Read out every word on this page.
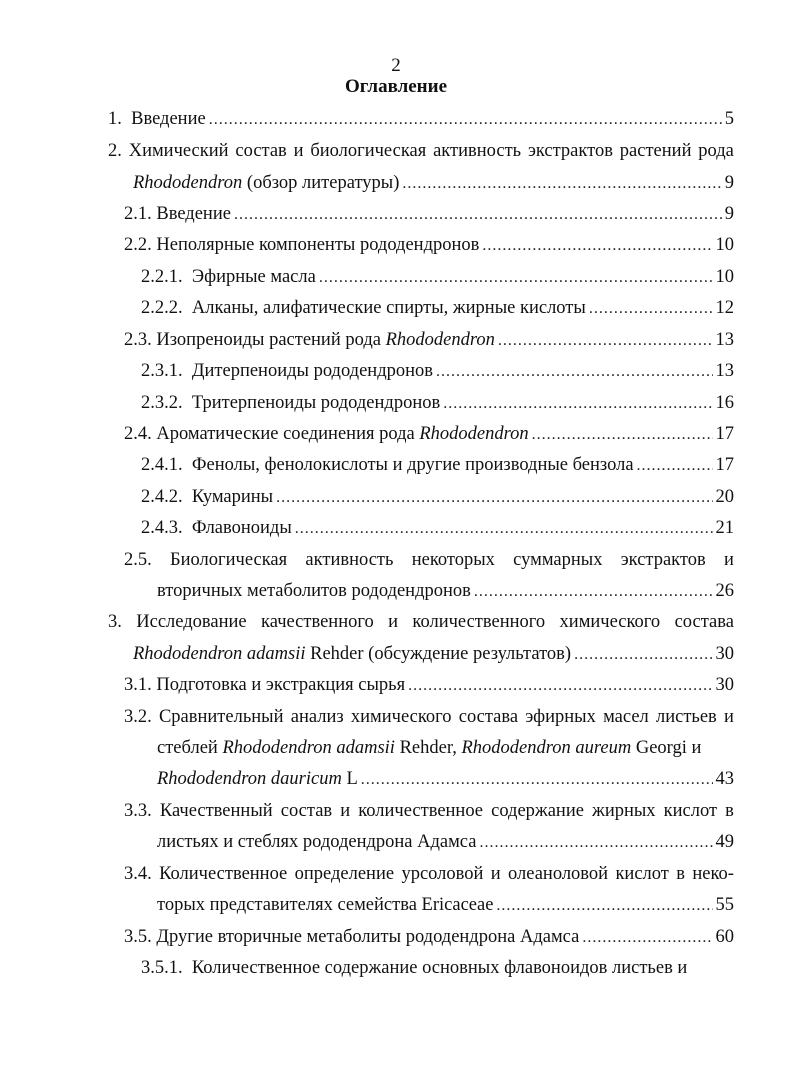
2
Оглавление
1. Введение .....	5
2. Химический состав и биологическая активность экстрактов растений рода
Rhododendron (обзор литературы) .....	9
2.1. Введение .....	9
2.2. Неполярные компоненты рододендронов .....	10
2.2.1. Эфирные масла .....	10
2.2.2. Алканы, алифатические спирты, жирные кислоты .....	12
2.3. Изопреноиды растений рода Rhododendron .....	13
2.3.1. Дитерпеноиды рододендронов .....	13
2.3.2. Тритерпеноиды рододендронов .....	16
2.4. Ароматические соединения рода Rhododendron .....	17
2.4.1. Фенолы, фенолокислоты и другие производные бензола .....	17
2.4.2. Кумарины .....	20
2.4.3. Флавоноиды .....	21
2.5. Биологическая активность некоторых суммарных экстрактов и
вторичных метаболитов рододендронов .....	26
3. Исследование качественного и количественного химического состава
Rhododendron adamsii Rehder (обсуждение результатов) .....	30
3.1. Подготовка и экстракция сырья .....	30
3.2. Сравнительный анализ химического состава эфирных масел листьев и
стеблей Rhododendron adamsii Rehder, Rhododendron aureum Georgi и
Rhododendron dauricum L .....	43
3.3. Качественный состав и количественное содержание жирных кислот в
листьях и стеблях рододендрона Адамса .....	49
3.4. Количественное определение урсоловой и олеаноловой кислот в неко-
торых представителях семейства Ericaceae .....	55
3.5. Другие вторичные метаболиты рододендрона Адамса .....	60
3.5.1. Количественное содержание основных флавоноидов листьев и
